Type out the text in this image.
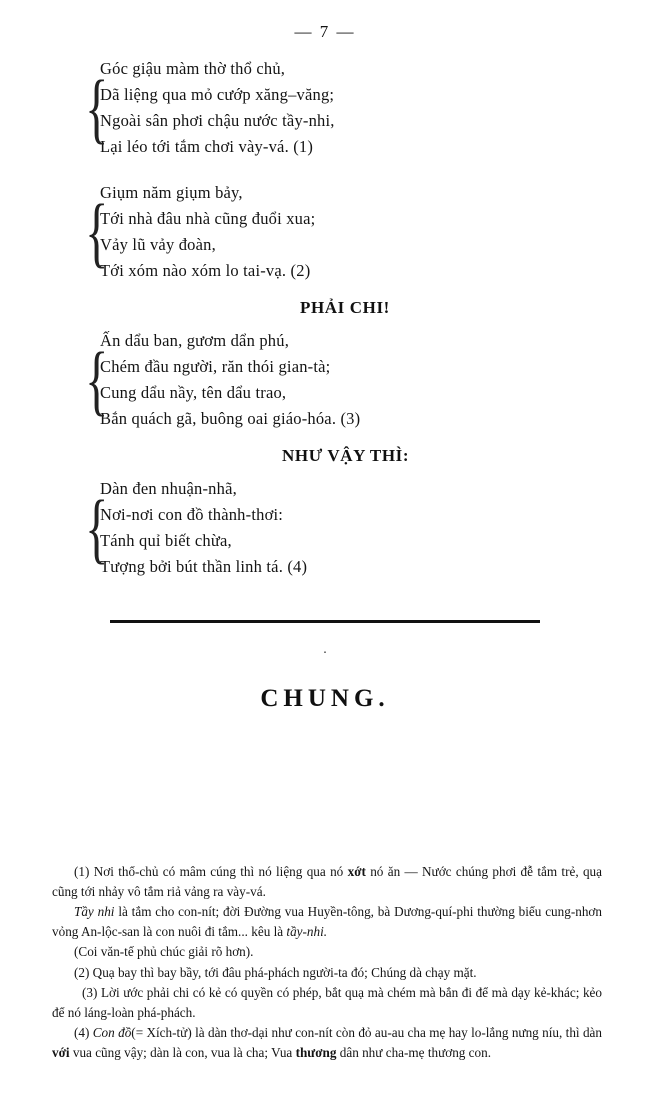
— 7 —
{
Góc giậu màm thờ thổ chủ,
Dã liệng qua mỏ cướp xăng–văng;
Ngoài sân phơi chậu nước tầy-nhi,
Lại léo tới tắm chơi vày-vá. (1)
{
Giụm năm giụm bảy,
Tới nhà đâu nhà cũng đuổi xua;
Vảy lũ vảy đoàn,
Tới xóm nào xóm lo tai-vạ. (2)
PHẢI CHI!
{
Ấn dẩu ban, gươm dẩn phú,
Chém đầu người, răn thói gian-tà;
Cung dẩu nầy, tên dẩu trao,
Bắn quách gã, buông oai giáo-hóa. (3)
NHƯ VẬY THÌ:
{
Dàn đen nhuận-nhã,
Nơi-nơi con đồ thành-thơi:
Tánh quỉ biết chừa,
Tượng bởi bút thần linh tá. (4)
.
CHUNG.

(1) Nơi thổ-chủ có mâm cúng thì nó liệng qua nó xớt nó ăn — Nước chúng phơi đễ tắm trẻ, quạ cũng tới nhảy vô tắm riả vảng ra vày-vá.

Tầy nhi là tắm cho con-nít; đời Đường vua Huyền-tông, bà Dương-quí-phi thường biểu cung-nhơn vỏng An-lộc-san là con nuôi đi tắm... kêu là tầy-nhi.

(Coi văn-tế phủ chúc giải rõ hơn).

(2) Quạ bay thì bay bầy, tới đâu phá-phách người-ta đó; Chúng dà chạy mặt.

(3) Lời ước phải chi có kẻ có quyền có phép, bắt quạ mà chém mà bắn đi để mà dạy kẻ-khác; kẻo để nó láng-loàn phá-phách.

(4) Con đồ(= Xích-tử) là dàn thơ-dại như con-nít còn đỏ au-au cha mẹ hay lo-lắng nưng níu, thì dàn với vua cũng vậy; dàn là con, vua là cha; Vua thương dân như cha-mẹ thương con.
